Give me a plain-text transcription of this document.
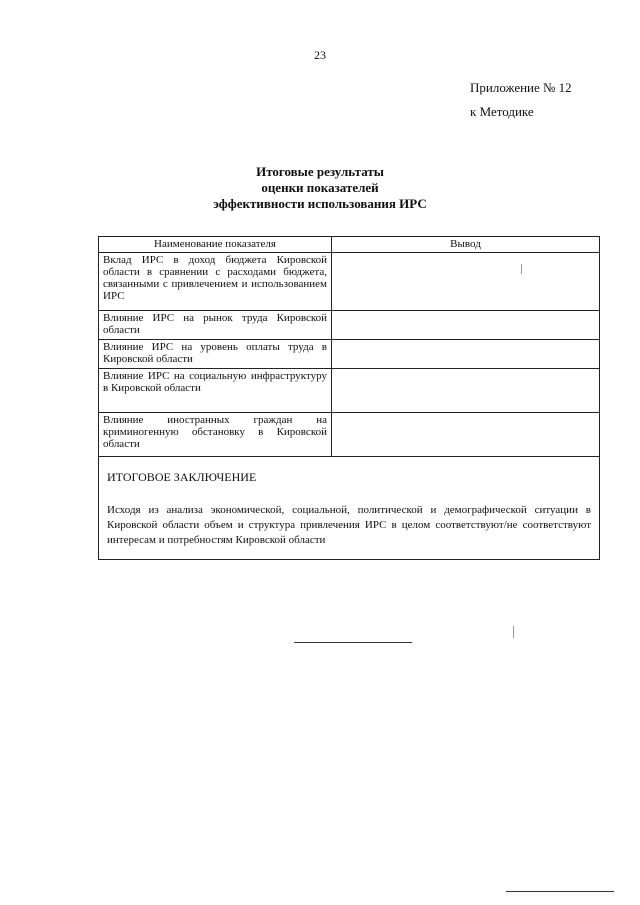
23
Приложение № 12
к Методике
Итоговые результаты
оценки показателей
эффективности использования ИРС
Наименование показателя	Вывод
Вклад ИРС в доход бюджета Кировской области в сравнении с расходами бюджета, связанными с привлечением и использованием ИРС	
Влияние ИРС на рынок труда Кировской области	
Влияние ИРС на уровень оплаты труда в Кировской области	
Влияние ИРС на социальную инфраструктуру в Кировской области	
Влияние иностранных граждан на криминогенную обстановку в Кировской области	

ИТОГОВОЕ ЗАКЛЮЧЕНИЕ
Исходя из анализа экономической, социальной, политической и демографической ситуации в Кировской области объем и структура привлечения ИРС в целом соответствуют/не соответствуют интересам и потребностям Кировской области	
